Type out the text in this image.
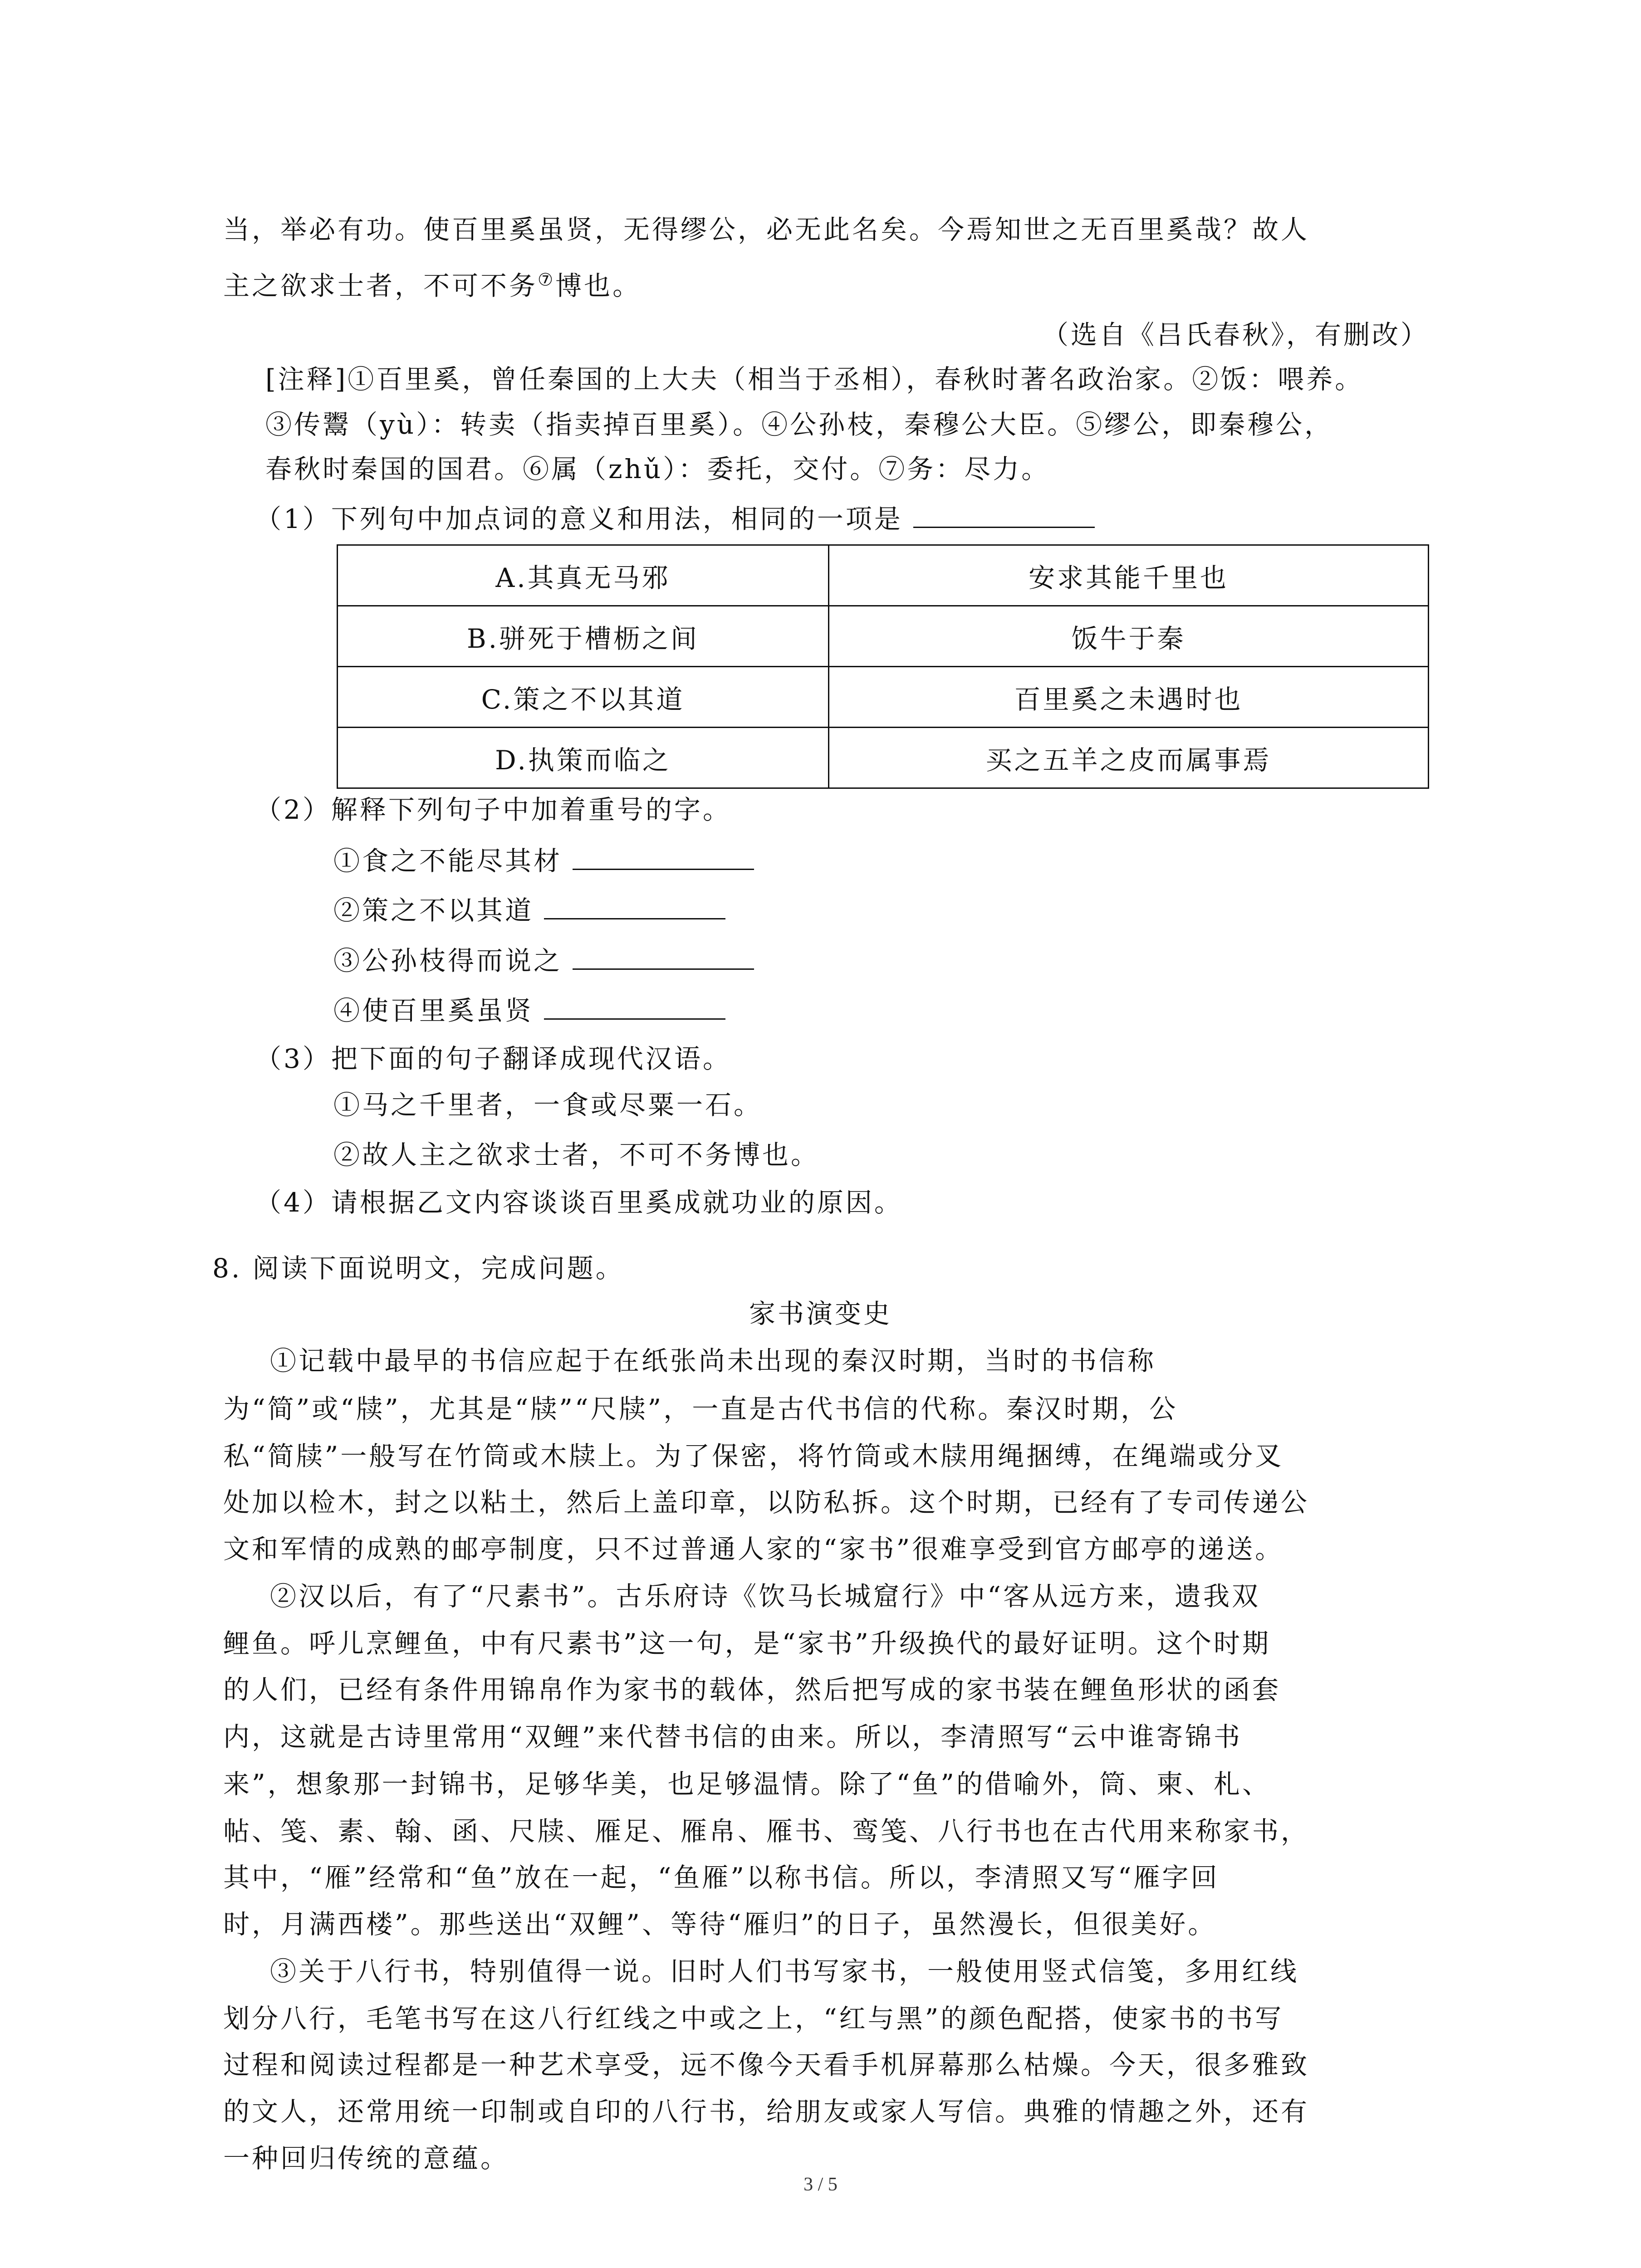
当，举必有功。使百里奚虽贤，无得缪公，必无此名矣。今焉知世之无百里奚哉？故人
主之欲求士者，不可不务⑦博也。
（选自《吕氏春秋》，有删改）
[注释]①百里奚，曾任秦国的上大夫（相当于丞相），春秋时著名政治家。②饭：喂养。
③传鬻（yù）：转卖（指卖掉百里奚）。④公孙枝，秦穆公大臣。⑤缪公，即秦穆公，
春秋时秦国的国君。⑥属（zhǔ）：委托，交付。⑦务：尽力。
（1）下列句中加点词的意义和用法，相同的一项是
A.其真无马邪	安求其能千里也
B.骈死于槽枥之间	饭牛于秦
C.策之不以其道	百里奚之未遇时也
D.执策而临之	买之五羊之皮而属事焉
（2）解释下列句子中加着重号的字。
①食之不能尽其材
②策之不以其道
③公孙枝得而说之
④使百里奚虽贤
（3）把下面的句子翻译成现代汉语。
①马之千里者，一食或尽粟一石。
②故人主之欲求士者，不可不务博也。
（4）请根据乙文内容谈谈百里奚成就功业的原因。
8. 阅读下面说明文，完成问题。
家书演变史
①记载中最早的书信应起于在纸张尚未出现的秦汉时期，当时的书信称
为“简”或“牍”，尤其是“牍”“尺牍”，一直是古代书信的代称。秦汉时期，公
私“简牍”一般写在竹筒或木牍上。为了保密，将竹筒或木牍用绳捆缚，在绳端或分叉
处加以检木，封之以粘土，然后上盖印章，以防私拆。这个时期，已经有了专司传递公
文和军情的成熟的邮亭制度，只不过普通人家的“家书”很难享受到官方邮亭的递送。
②汉以后，有了“尺素书”。古乐府诗《饮马长城窟行》中“客从远方来，遗我双
鲤鱼。呼儿烹鲤鱼，中有尺素书”这一句，是“家书”升级换代的最好证明。这个时期
的人们，已经有条件用锦帛作为家书的载体，然后把写成的家书装在鲤鱼形状的函套
内，这就是古诗里常用“双鲤”来代替书信的由来。所以，李清照写“云中谁寄锦书
来”，想象那一封锦书，足够华美，也足够温情。除了“鱼”的借喻外，筒、柬、札、
帖、笺、素、翰、函、尺牍、雁足、雁帛、雁书、鸾笺、八行书也在古代用来称家书，
其中，“雁”经常和“鱼”放在一起，“鱼雁”以称书信。所以，李清照又写“雁字回
时，月满西楼”。那些送出“双鲤”、等待“雁归”的日子，虽然漫长，但很美好。
③关于八行书，特别值得一说。旧时人们书写家书，一般使用竖式信笺，多用红线
划分八行，毛笔书写在这八行红线之中或之上，“红与黑”的颜色配搭，使家书的书写
过程和阅读过程都是一种艺术享受，远不像今天看手机屏幕那么枯燥。今天，很多雅致
的文人，还常用统一印制或自印的八行书，给朋友或家人写信。典雅的情趣之外，还有
一种回归传统的意蕴。
3 / 5
